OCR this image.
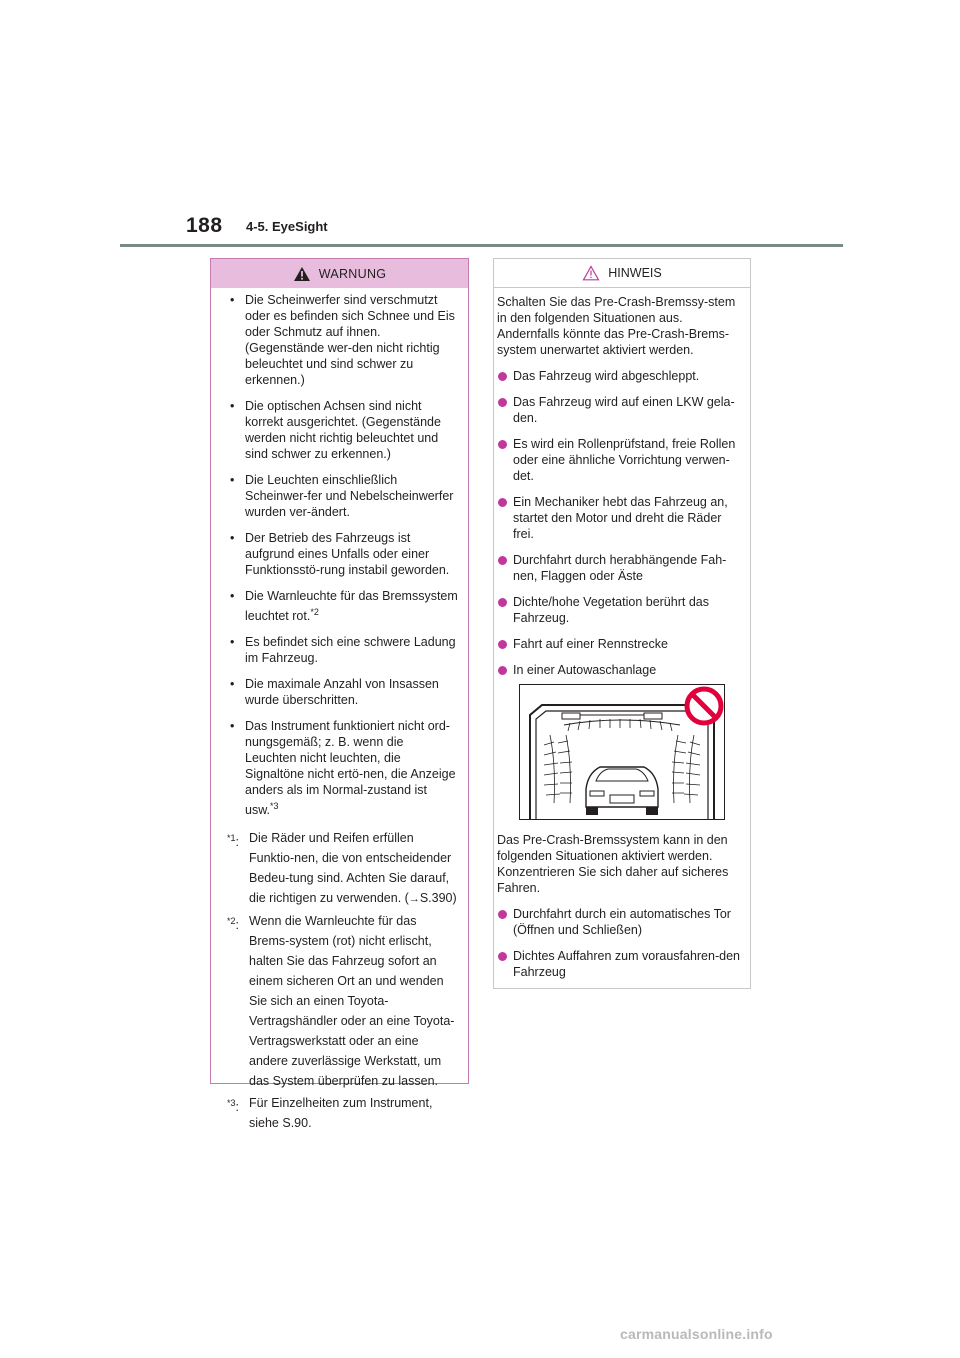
188 4-5. EyeSight
WARNUNG
• Die Scheinwerfer sind verschmutzt oder es befinden sich Schnee und Eis oder Schmutz auf ihnen. (Gegenstände wer-den nicht richtig beleuchtet und sind schwer zu erkennen.)
• Die optischen Achsen sind nicht korrekt ausgerichtet. (Gegenstände werden nicht richtig beleuchtet und sind schwer zu erkennen.)
• Die Leuchten einschließlich Scheinwer-fer und Nebelscheinwerfer wurden ver-ändert.
• Der Betrieb des Fahrzeugs ist aufgrund eines Unfalls oder einer Funktionsstö-rung instabil geworden.
• Die Warnleuchte für das Bremssystem leuchtet rot.$^{*2}$
• Es befindet sich eine schwere Ladung im Fahrzeug.
• Die maximale Anzahl von Insassen wurde überschritten.
• Das Instrument funktioniert nicht ord-nungsgemäß; z. B. wenn die Leuchten nicht leuchten, die Signaltöne nicht ertö-nen, die Anzeige anders als im Normal-zustand ist usw.$^{*3}$
$^{*1}$: Die Räder und Reifen erfüllen Funktio-nen, die von entscheidender Bedeu-tung sind. Achten Sie darauf, die richtigen zu verwenden. (→S.390)
$^{*2}$: Wenn die Warnleuchte für das Brems-system (rot) nicht erlischt, halten Sie das Fahrzeug sofort an einem sicheren Ort an und wenden Sie sich an einen Toyota-Vertragshändler oder an eine Toyota-Vertragswerkstatt oder an eine andere zuverlässige Werkstatt, um das System überprüfen zu lassen.
$^{*3}$: Für Einzelheiten zum Instrument, siehe S.90.
HINWEIS
Schalten Sie das Pre-Crash-Bremssy-stem in den folgenden Situationen aus. Andernfalls könnte das Pre-Crash-Brems-system unerwartet aktiviert werden.
Das Fahrzeug wird abgeschleppt.
Das Fahrzeug wird auf einen LKW gela-den.
Es wird ein Rollenprüfstand, freie Rollen oder eine ähnliche Vorrichtung verwen-det.
Ein Mechaniker hebt das Fahrzeug an, startet den Motor und dreht die Räder frei.
Durchfahrt durch herabhängende Fah-nen, Flaggen oder Äste
Dichte/hohe Vegetation berührt das Fahrzeug.
Fahrt auf einer Rennstrecke
In einer Autowaschanlage
Das Pre-Crash-Bremssystem kann in den folgenden Situationen aktiviert werden. Konzentrieren Sie sich daher auf sicheres Fahren.
Durchfahrt durch ein automatisches Tor (Öffnen und Schließen)
Dichtes Auffahren zum vorausfahren-den Fahrzeug
carmanualsonline.info
